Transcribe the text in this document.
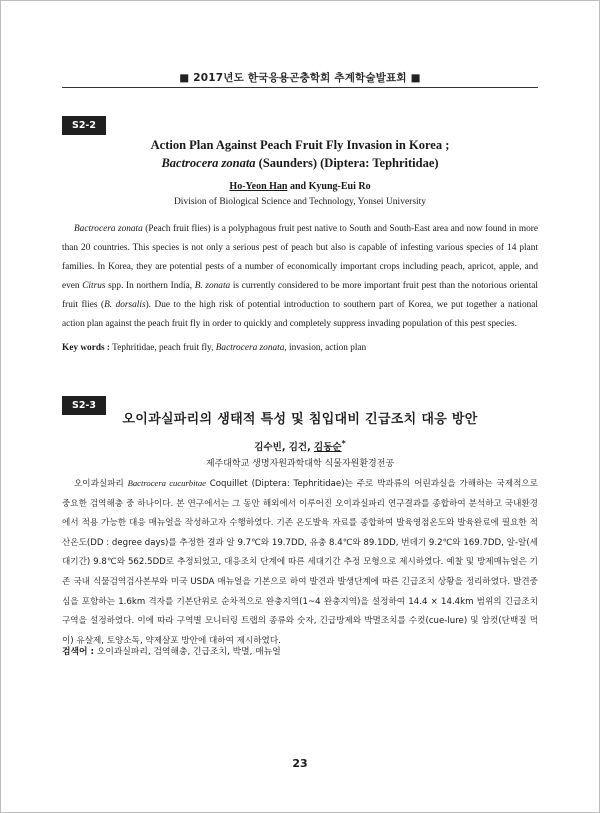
■ 2017년도 한국응용곤충학회 추계학술발표회 ■
S2-2
Action Plan Against Peach Fruit Fly Invasion in Korea ;
Bactrocera zonata (Saunders) (Diptera: Tephritidae)
Ho-Yeon Han and Kyung-Eui Ro
Division of Biological Science and Technology, Yonsei University

Bactrocera zonata (Peach fruit flies) is a polyphagous fruit pest native to South and South-East area and now found in more than 20 countries. This species is not only a serious pest of peach but also is capable of infesting various species of 14 plant families. In Korea, they are potential pests of a number of economically important crops including peach, apricot, apple, and even Citrus spp. In northern India, B. zonata is currently considered to be more important fruit pest than the notorious oriental fruit flies (B. dorsalis). Due to the high risk of potential introduction to southern part of Korea, we put together a national action plan against the peach fruit fly in order to quickly and completely suppress invading population of this pest species.

Key words : Tephritidae, peach fruit fly, Bactrocera zonata, invasion, action plan
S2-3
오이과실파리의 생태적 특성 및 침입대비 긴급조치 대응 방안
김수빈, 김건, 김동순*
제주대학교 생명자원과학대학 식물자원환경전공

오이과실파리 Bactrocera cucurbitae Coquillet (Diptera: Tephritidae)는 주로 박과류의 어린과실을 가해하는 국제적으로 중요한 검역해충 중 하나이다. 본 연구에서는 그 동안 해외에서 이루어진 오이과실파리 연구결과를 종합하여 분석하고 국내환경에서 적용 가능한 대응 매뉴얼을 작성하고자 수행하였다. 기존 온도발육 자료를 종합하여 발육영점온도와 발육완료에 필요한 적산온도(DD : degree days)를 추정한 결과 알 9.7℃와 19.7DD, 유충 8.4℃와 89.1DD, 번데기 9.2℃와 169.7DD, 알-알(세대기간) 9.8℃와 562.5DD로 추정되었고, 대응조치 단계에 따른 세대기간 추정 모형으로 제시하였다. 예찰 및 방제매뉴얼은 기존 국내 식물검역검사본부와 미국 USDA 매뉴얼을 기본으로 하여 발견과 발생단계에 따른 긴급조치 상황을 정리하였다. 발견중심을 포함하는 1.6km 격자를 기본단위로 순차적으로 완충지역(1~4 완충지역)을 설정하여 14.4 × 14.4km 범위의 긴급조치 구역을 설정하였다. 이에 따라 구역별 모니터링 트랩의 종류와 숫자, 긴급방제와 박멸조치를 수컷(cue-lure) 및 암컷(단백질 먹이) 유살제, 토양소독, 약제살포 방안에 대하여 제시하였다.

검색어 : 오이과실파리, 검역해충, 긴급조치, 박멸, 매뉴얼
23
